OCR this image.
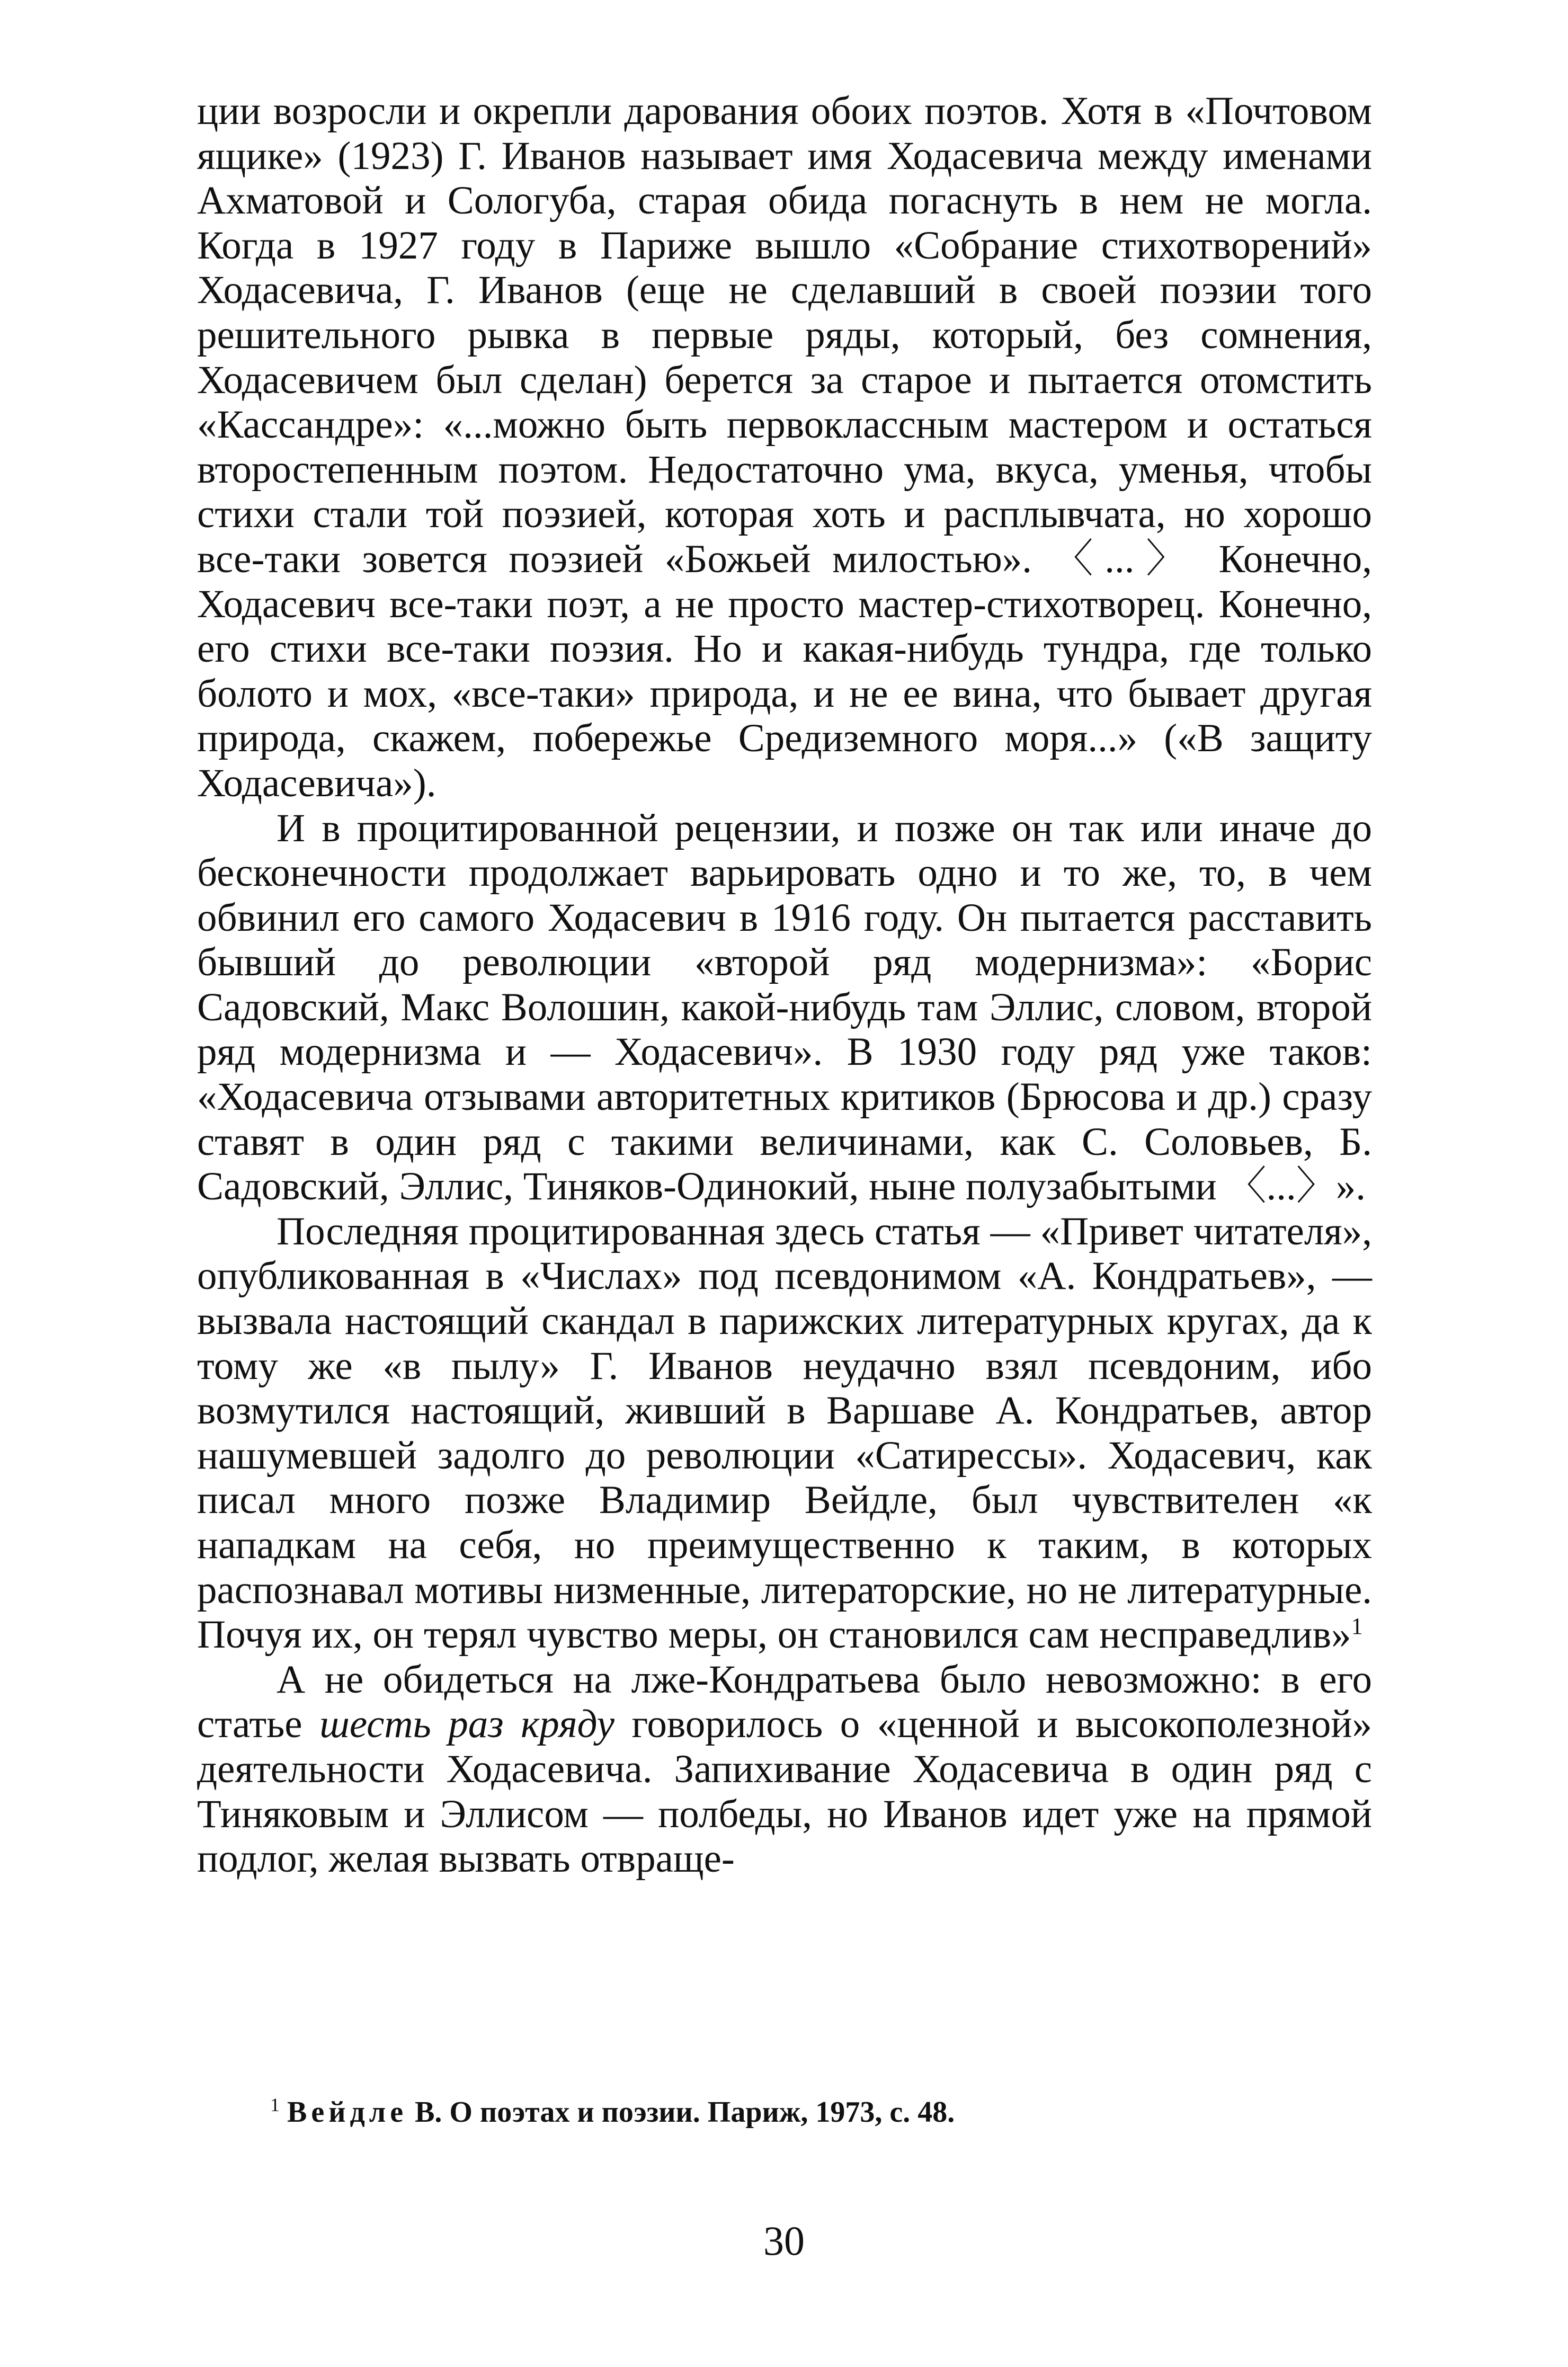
ции возросли и окрепли дарования обоих поэтов. Хотя в «Почтовом ящике» (1923) Г. Иванов называет имя Ходасевича между именами Ахматовой и Сологуба, старая обида погаснуть в нем не могла. Когда в 1927 году в Париже вышло «Собрание стихотворений» Ходасевича, Г. Иванов (еще не сделавший в своей поэзии того решительного рывка в первые ряды, который, без сомнения, Ходасевичем был сделан) берется за старое и пытается отомстить «Кассандре»: «...можно быть первоклассным мастером и остаться второстепенным поэтом. Недостаточно ума, вкуса, уменья, чтобы стихи стали той поэзией, которая хоть и расплывчата, но хорошо все-таки зовется поэзией «Божьей милостью». 〈...〉 Конечно, Ходасевич все-таки поэт, а не просто мастер-стихотворец. Конечно, его стихи все-таки поэзия. Но и какая-нибудь тундра, где только болото и мох, «все-таки» природа, и не ее вина, что бывает другая природа, скажем, побережье Средиземного моря...» («В защиту Ходасевича»).

И в процитированной рецензии, и позже он так или иначе до бесконечности продолжает варьировать одно и то же, то, в чем обвинил его самого Ходасевич в 1916 году. Он пытается расставить бывший до революции «второй ряд модернизма»: «Борис Садовский, Макс Волошин, какой-нибудь там Эллис, словом, второй ряд модернизма и — Ходасевич». В 1930 году ряд уже таков: «Ходасевича отзывами авторитетных критиков (Брюсова и др.) сразу ставят в один ряд с такими величинами, как С. Соловьев, Б. Садовский, Эллис, Тиняков-Одинокий, ныне полузабытыми 〈...〉».

Последняя процитированная здесь статья — «Привет читателя», опубликованная в «Числах» под псевдонимом «А. Кондратьев», — вызвала настоящий скандал в парижских литературных кругах, да к тому же «в пылу» Г. Иванов неудачно взял псевдоним, ибо возмутился настоящий, живший в Варшаве А. Кондратьев, автор нашумевшей задолго до революции «Сатирессы». Ходасевич, как писал много позже Владимир Вейдле, был чувствителен «к нападкам на себя, но преимущественно к таким, в которых распознавал мотивы низменные, литераторские, но не литературные. Почуя их, он терял чувство меры, он становился сам несправедлив»$^1$

А не обидеться на лже-Кондратьева было невозможно: в его статье шесть раз кряду говорилось о «ценной и высокополезной» деятельности Ходасевича. Запихивание Ходасевича в один ряд с Тиняковым и Эллисом — полбеды, но Иванов идет уже на прямой подлог, желая вызвать отвраще-

$^1$ Вейдле В. О поэтах и поэзии. Париж, 1973, с. 48.

30
